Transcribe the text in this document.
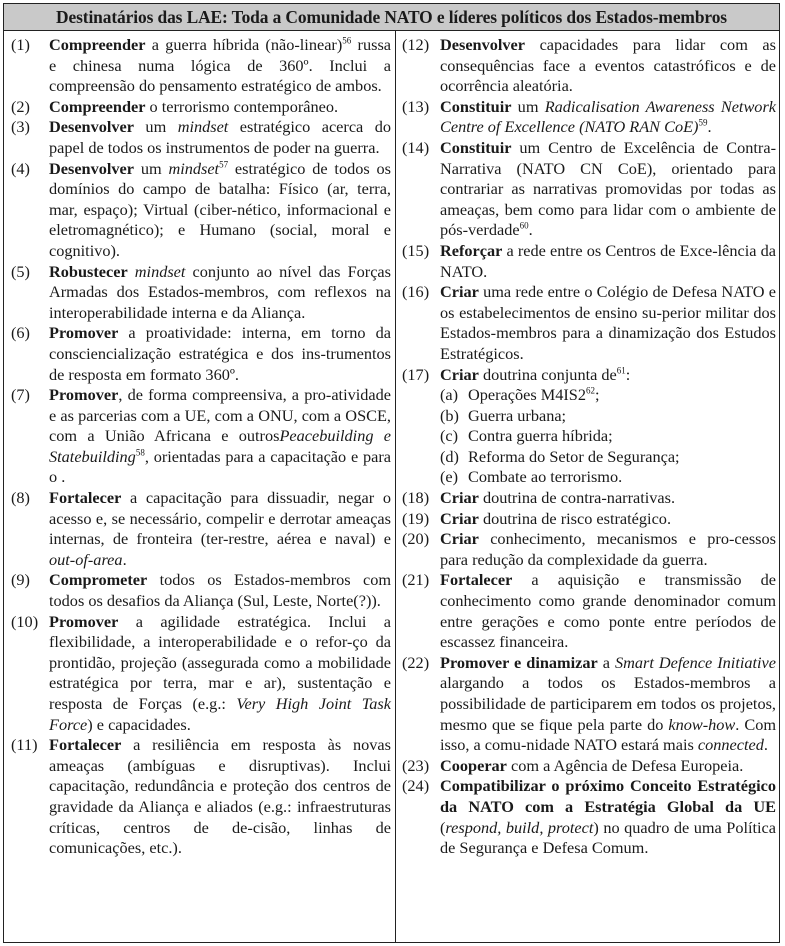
Destinatários das LAE: Toda a Comunidade NATO e líderes políticos dos Estados-membros
(1) Compreender a guerra híbrida (não-linear)$^{56}$ russa e chinesa numa lógica de 360º. Inclui a compreensão do pensamento estratégico de ambos.
(2) Compreender o terrorismo contemporâneo.
(3) Desenvolver um mindset estratégico acerca do papel de todos os instrumentos de poder na guerra.
(4) Desenvolver um mindset$^{57}$ estratégico de todos os domínios do campo de batalha: Físico (ar, terra, mar, espaço); Virtual (ciber-nético, informacional e eletromagnético); e Humano (social, moral e cognitivo).
(5) Robustecer mindset conjunto ao nível das Forças Armadas dos Estados-membros, com reflexos na interoperabilidade interna e da Aliança.
(6) Promover a proatividade: interna, em torno da consciencialização estratégica e dos ins-trumentos de resposta em formato 360º.
(7) Promover, de forma compreensiva, a pro-atividade e as parcerias com a UE, com a ONU, com a OSCE, com a União Africana e outrosPeacebuilding e Statebuilding$^{58}$, orientadas para a capacitação e para o .
(8) Fortalecer a capacitação para dissuadir, negar o acesso e, se necessário, compelir e derrotar ameaças internas, de fronteira (ter-restre, aérea e naval) e out-of-area.
(9) Comprometer todos os Estados-membros com todos os desafios da Aliança (Sul, Leste, Norte(?)).
(10) Promover a agilidade estratégica. Inclui a flexibilidade, a interoperabilidade e o refor-ço da prontidão, projeção (assegurada como a mobilidade estratégica por terra, mar e ar), sustentação e resposta de Forças (e.g.: Very High Joint Task Force) e capacidades.
(11) Fortalecer a resiliência em resposta às novas ameaças (ambíguas e disruptivas). Inclui capacitação, redundância e proteção dos centros de gravidade da Aliança e aliados (e.g.: infraestruturas críticas, centros de de-cisão, linhas de comunicações, etc.).
(12) Desenvolver capacidades para lidar com as consequências face a eventos catastróficos e de ocorrência aleatória.
(13) Constituir um Radicalisation Awareness Network Centre of Excellence (NATO RAN CoE)$^{59}$.
(14) Constituir um Centro de Excelência de Contra-Narrativa (NATO CN CoE), orientado para contrariar as narrativas promovidas por todas as ameaças, bem como para lidar com o ambiente de pós-verdade$^{60}$.
(15) Reforçar a rede entre os Centros de Exce-lência da NATO.
(16) Criar uma rede entre o Colégio de Defesa NATO e os estabelecimentos de ensino su-perior militar dos Estados-membros para a dinamização dos Estudos Estratégicos.
(17) Criar doutrina conjunta $de^{61}$:
(a) Operações $M4IS2^{62}$;
(b) Guerra urbana;
(c) Contra guerra híbrida;
(d) Reforma do Setor de Segurança;
(e) Combate ao terrorismo.
(18) Criar doutrina de contra-narrativas.
(19) Criar doutrina de risco estratégico.
(20) Criar conhecimento, mecanismos e pro-cessos para redução da complexidade da guerra.
(21) Fortalecer a aquisição e transmissão de conhecimento como grande denominador comum entre gerações e como ponte entre períodos de escassez financeira.
(22) Promover e dinamizar a Smart Defence Initiative alargando a todos os Estados-membros a possibilidade de participarem em todos os projetos, mesmo que se fique pela parte do know-how. Com isso, a comu-nidade NATO estará mais connected.
(23) Cooperar com a Agência de Defesa Europeia.
(24) Compatibilizar o próximo Conceito Estratégico da NATO com a Estratégia Global da UE (respond, build, protect) no quadro de uma Política de Segurança e Defesa Comum.
